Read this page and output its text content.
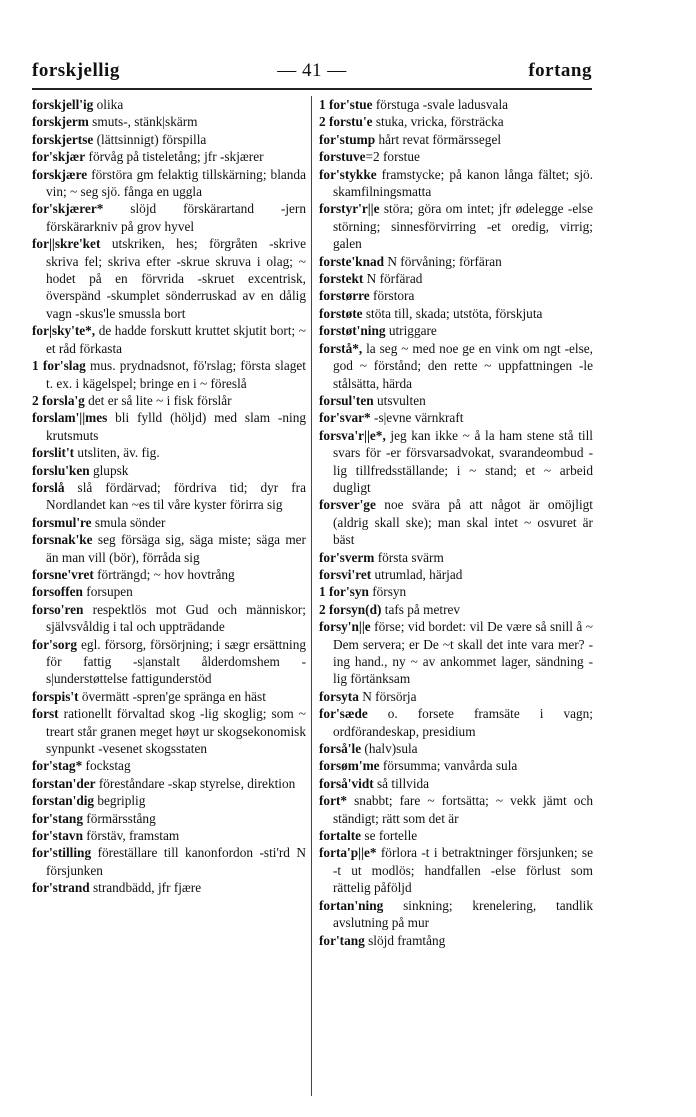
forskjellig	— 41 —	fortang

forskjell'ig olika

forskjerm smuts-, stänk|skärm

forskjertse (lättsinnigt) förspilla

for'skjær förvåg på tisteletång; jfr -skjærer

forskjære förstöra gm felaktig tillskärning; blanda vin; ~ seg sjö. fånga en uggla

for'skjærer* slöjd förskärartand -jern förskärarkniv på grov hyvel

for||skre'ket utskriken, hes; förgråten -skrive skriva fel; skriva efter -skrue skruva i olag; ~ hodet på en förvrida -skruet excentrisk, överspänd -skumplet sönderruskad av en dålig vagn -skus'le smussla bort

for|sky'te*, de hadde forskutt kruttet skjutit bort; ~ et råd förkasta

1 for'slag mus. prydnadsnot, fö'rslag; första slaget t. ex. i kägelspel; bringe en i ~ föreslå

2 forsla'g det er så lite ~ i fisk förslår

forslam'||mes bli fylld (höljd) med slam -ning krutsmuts

forslit't utsliten, äv. fig.

forslu'ken glupsk

forslå slå fördärvad; fördriva tid; dyr fra Nordlandet kan ~es til våre kyster förirra sig

forsmul're smula sönder

forsnak'ke seg försäga sig, säga miste; säga mer än man vill (bör), förråda sig

forsne'vret förträngd; ~ hov hovtrång

forsoffen forsupen

forso'ren respektlös mot Gud och människor; självsvåldig i tal och uppträdande

for'sorg egl. försorg, försörjning; i sægr ersättning för fattig -s|anstalt ålderdomshem -s|understøttelse fattigunderstöd

forspis't övermätt -spren'ge spränga en häst

forst rationellt förvaltad skog -lig skoglig; som ~ treart står granen meget høyt ur skogsekonomisk synpunkt -vesenet skogsstaten

for'stag* fockstag

forstan'der föreståndare -skap styrelse, direktion

forstan'dig begriplig

for'stang förmärsstång

for'stavn förstäv, framstam

for'stilling föreställare till kanonfordon -sti'rd N försjunken

for'strand strandbädd, jfr fjære

1 for'stue förstuga -svale ladusvala

2 forstu'e stuka, vricka, försträcka

for'stump hårt revat förmärssegel

forstuve=2 forstue

for'stykke framstycke; på kanon långa fältet; sjö. skamfilningsmatta

forstyr'r||e störa; göra om intet; jfr ødelegge -else störning; sinnesförvirring -et oredig, virrig; galen

forste'knad N förvåning; förfäran

forstekt N förfärad

forstørre förstora

forstøte stöta till, skada; utstöta, förskjuta

forstøt'ning utriggare

forstå*, la seg ~ med noe ge en vink om ngt -else, god ~ förstånd; den rette ~ uppfattningen -le stålsätta, härda

forsul'ten utsvulten

for'svar* -s|evne värnkraft

forsva'r||e*, jeg kan ikke ~ å la ham stene stå till svars för -er försvarsadvokat, svarandeombud -lig tillfredsställande; i ~ stand; et ~ arbeid dugligt

forsver'ge noe svära på att något är omöjligt (aldrig skall ske); man skal intet ~ osvuret är bäst

for'sverm första svärm

forsvi'ret utrumlad, härjad

1 for'syn försyn

2 forsyn(d) tafs på metrev

forsy'n||e förse; vid bordet: vil De være så snill å ~ Dem servera; er De ~t skall det inte vara mer? -ing hand., ny ~ av ankommet lager, sändning -lig förtänksam

forsyta N försörja

for'sæde o. forsete framsäte i vagn; ordförandeskap, presidium

forså'le (halv)sula

forsøm'me försumma; vanvårda sula

forså'vidt så tillvida

fort* snabbt; fare ~ fortsätta; ~ vekk jämt och ständigt; rätt som det är

fortalte se fortelle

forta'p||e* förlora -t i betraktninger försjunken; se -t ut modlös; handfallen -else förlust som rättelig påföljd

fortan'ning sinkning; krenelering, tandlik avslutning på mur

for'tang slöjd framtång
